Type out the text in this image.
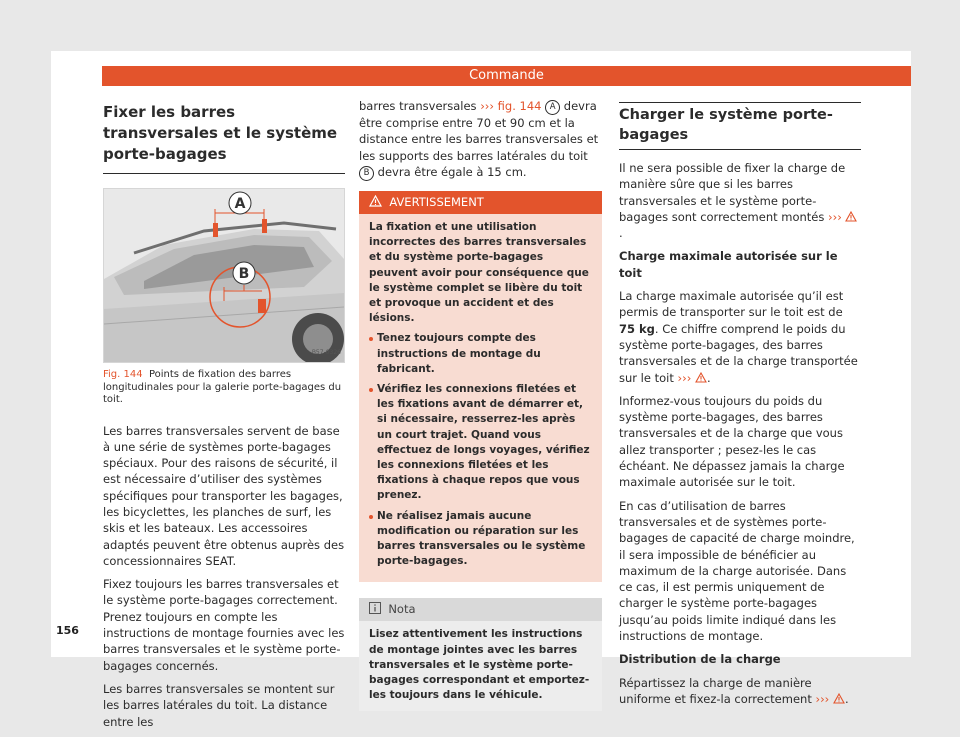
Commande
Fixer les barres transversales et le système porte-bagages
A
B
B57-0326
Fig. 144 Points de fixation des barres longitudinales pour la galerie porte-bagages du toit.

Les barres transversales servent de base à une série de systèmes porte-bagages spéciaux. Pour des raisons de sécurité, il est nécessaire d’utiliser des systèmes spécifiques pour transporter les bagages, les bicyclettes, les planches de surf, les skis et les bateaux. Les accessoires adaptés peuvent être obtenus auprès des concessionnaires SEAT.

Fixez toujours les barres transversales et le système porte-bagages correctement. Prenez toujours en compte les instructions de montage fournies avec les barres transversales et le système porte-bagages concernés.

Les barres transversales se montent sur les barres latérales du toit. La distance entre les

barres transversales ››› fig. 144 A devra être comprise entre 70 et 90 cm et la distance entre les barres transversales et les supports des barres latérales du toit B devra être égale à 15 cm.

AVERTISSEMENT

La fixation et une utilisation incorrectes des barres transversales et du système porte-bagages peuvent avoir pour conséquence que le système complet se libère du toit et provoque un accident et des lésions.

Tenez toujours compte des instructions de montage du fabricant.

Vérifiez les connexions filetées et les fixations avant de démarrer et, si nécessaire, resserrez-les après un court trajet. Quand vous effectuez de longs voyages, vérifiez les connexions filetées et les fixations à chaque repos que vous prenez.

Ne réalisez jamais aucune modification ou réparation sur les barres transversales ou le système porte-bagages.

Nota
Lisez attentivement les instructions de montage jointes avec les barres transversales et le système porte-bagages correspondant et emportez-les toujours dans le véhicule.
Charger le système porte-bagages

Il ne sera possible de fixer la charge de manière sûre que si les barres transversales et le système porte-bagages sont correctement montés ››› .

Charge maximale autorisée sur le toit

La charge maximale autorisée qu’il est permis de transporter sur le toit est de 75 kg. Ce chiffre comprend le poids du système porte-bagages, des barres transversales et de la charge transportée sur le toit ››› .

Informez-vous toujours du poids du système porte-bagages, des barres transversales et de la charge que vous allez transporter ; pesez-les le cas échéant. Ne dépassez jamais la charge maximale autorisée sur le toit.

En cas d’utilisation de barres transversales et de systèmes porte-bagages de capacité de charge moindre, il sera impossible de bénéficier au maximum de la charge autorisée. Dans ce cas, il est permis uniquement de charger le système porte-bagages jusqu’au poids limite indiqué dans les instructions de montage.

Distribution de la charge

Répartissez la charge de manière uniforme et fixez-la correctement ››› .

156
